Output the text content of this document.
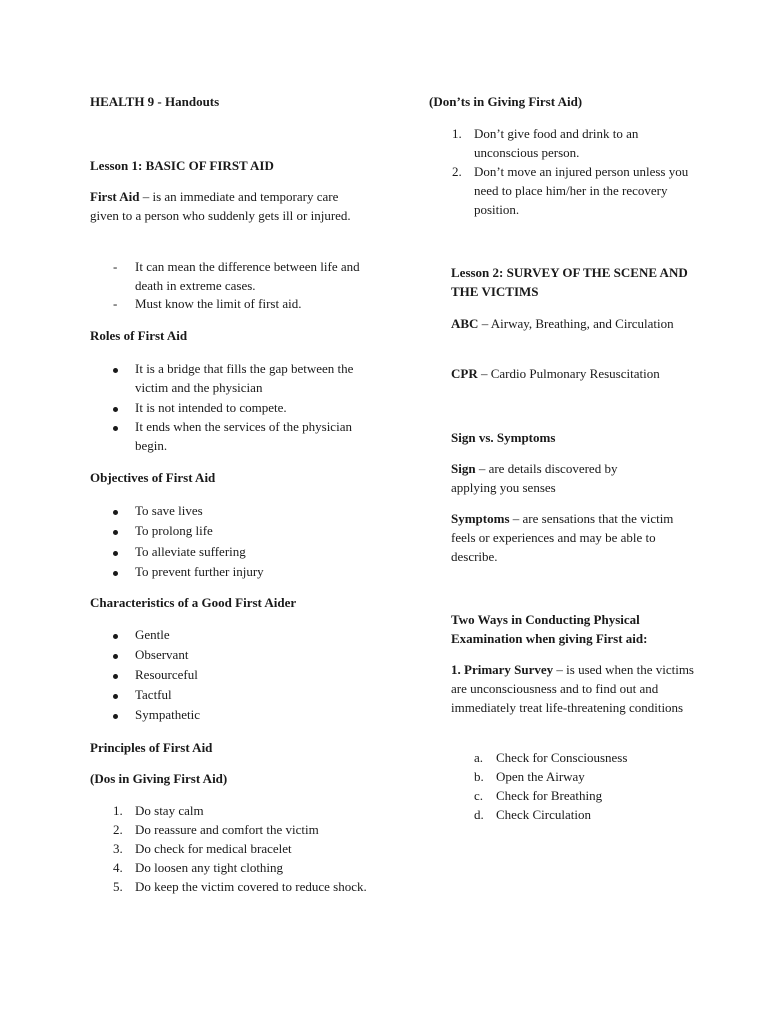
HEALTH 9 - Handouts
Lesson 1: BASIC OF FIRST AID
First Aid – is an immediate and temporary care given to a person who suddenly gets ill or injured.
- It can mean the difference between life and death in extreme cases.
- Must know the limit of first aid.
Roles of First Aid
It is a bridge that fills the gap between the victim and the physician
It is not intended to compete.
It ends when the services of the physician begin.
Objectives of First Aid
To save lives
To prolong life
To alleviate suffering
To prevent further injury
Characteristics of a Good First Aider
Gentle
Observant
Resourceful
Tactful
Sympathetic
Principles of First Aid
(Dos in Giving First Aid)
1. Do stay calm
2. Do reassure and comfort the victim
3. Do check for medical bracelet
4. Do loosen any tight clothing
5. Do keep the victim covered to reduce shock.
(Don’ts in Giving First Aid)
1. Don’t give food and drink to an unconscious person.
2. Don’t move an injured person unless you need to place him/her in the recovery position.
Lesson 2: SURVEY OF THE SCENE AND THE VICTIMS
ABC – Airway, Breathing, and Circulation
CPR – Cardio Pulmonary Resuscitation
Sign vs. Symptoms
Sign – are details discovered by applying you senses
Symptoms – are sensations that the victim feels or experiences and may be able to describe.
Two Ways in Conducting Physical Examination when giving First aid:
1. Primary Survey – is used when the victims are unconsciousness and to find out and immediately treat life-threatening conditions
a. Check for Consciousness
b. Open the Airway
c. Check for Breathing
d. Check Circulation
